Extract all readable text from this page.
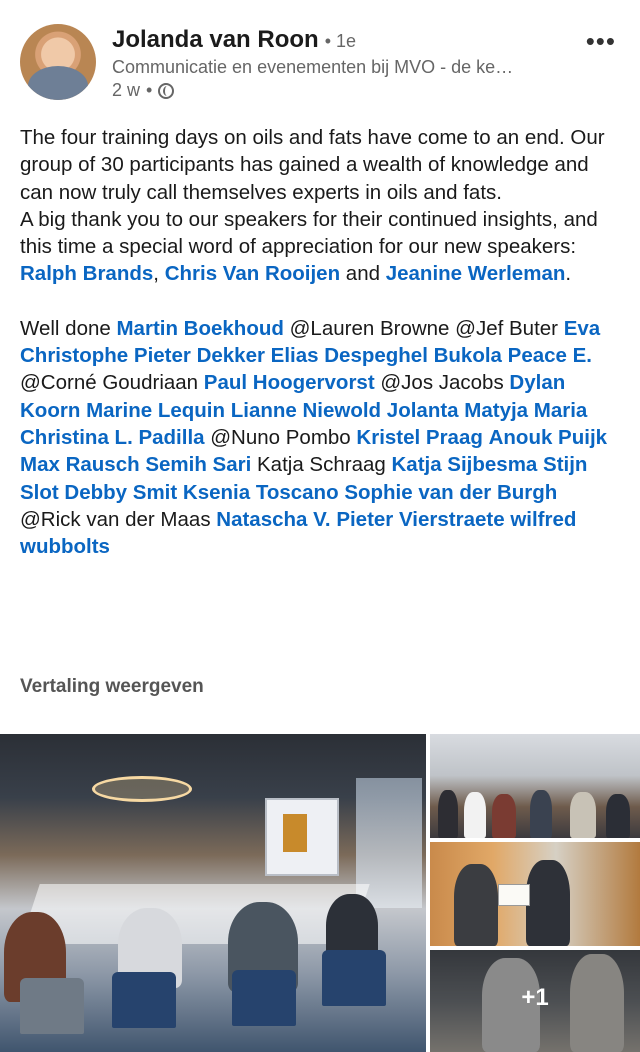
Jolanda van Roon • 1e	•••
Communicatie en evenementen bij MVO - de ke…
2 w •

The four training days on oils and fats have come to an end. Our group of 30 participants has gained a wealth of knowledge and can now truly call themselves experts in oils and fats.

A big thank you to our speakers for their continued insights, and this time a special word of appreciation for our new speakers: Ralph Brands, Chris Van Rooijen and Jeanine Werleman.

Well done Martin Boekhoud @Lauren Browne @Jef Buter Eva Christophe Pieter Dekker Elias Despeghel Bukola Peace E. @Corné Goudriaan Paul Hoogervorst @Jos Jacobs Dylan Koorn Marine Lequin Lianne Niewold Jolanta Matyja Maria Christina L. Padilla @Nuno Pombo Kristel Praag Anouk Puijk Max Rausch Semih Sari Katja Schraag Katja Sijbesma Stijn Slot Debby Smit Ksenia Toscano Sophie van der Burgh @Rick van der Maas Natascha V. Pieter Vierstraete wilfred wubbolts

Vertaling weergeven
+1
